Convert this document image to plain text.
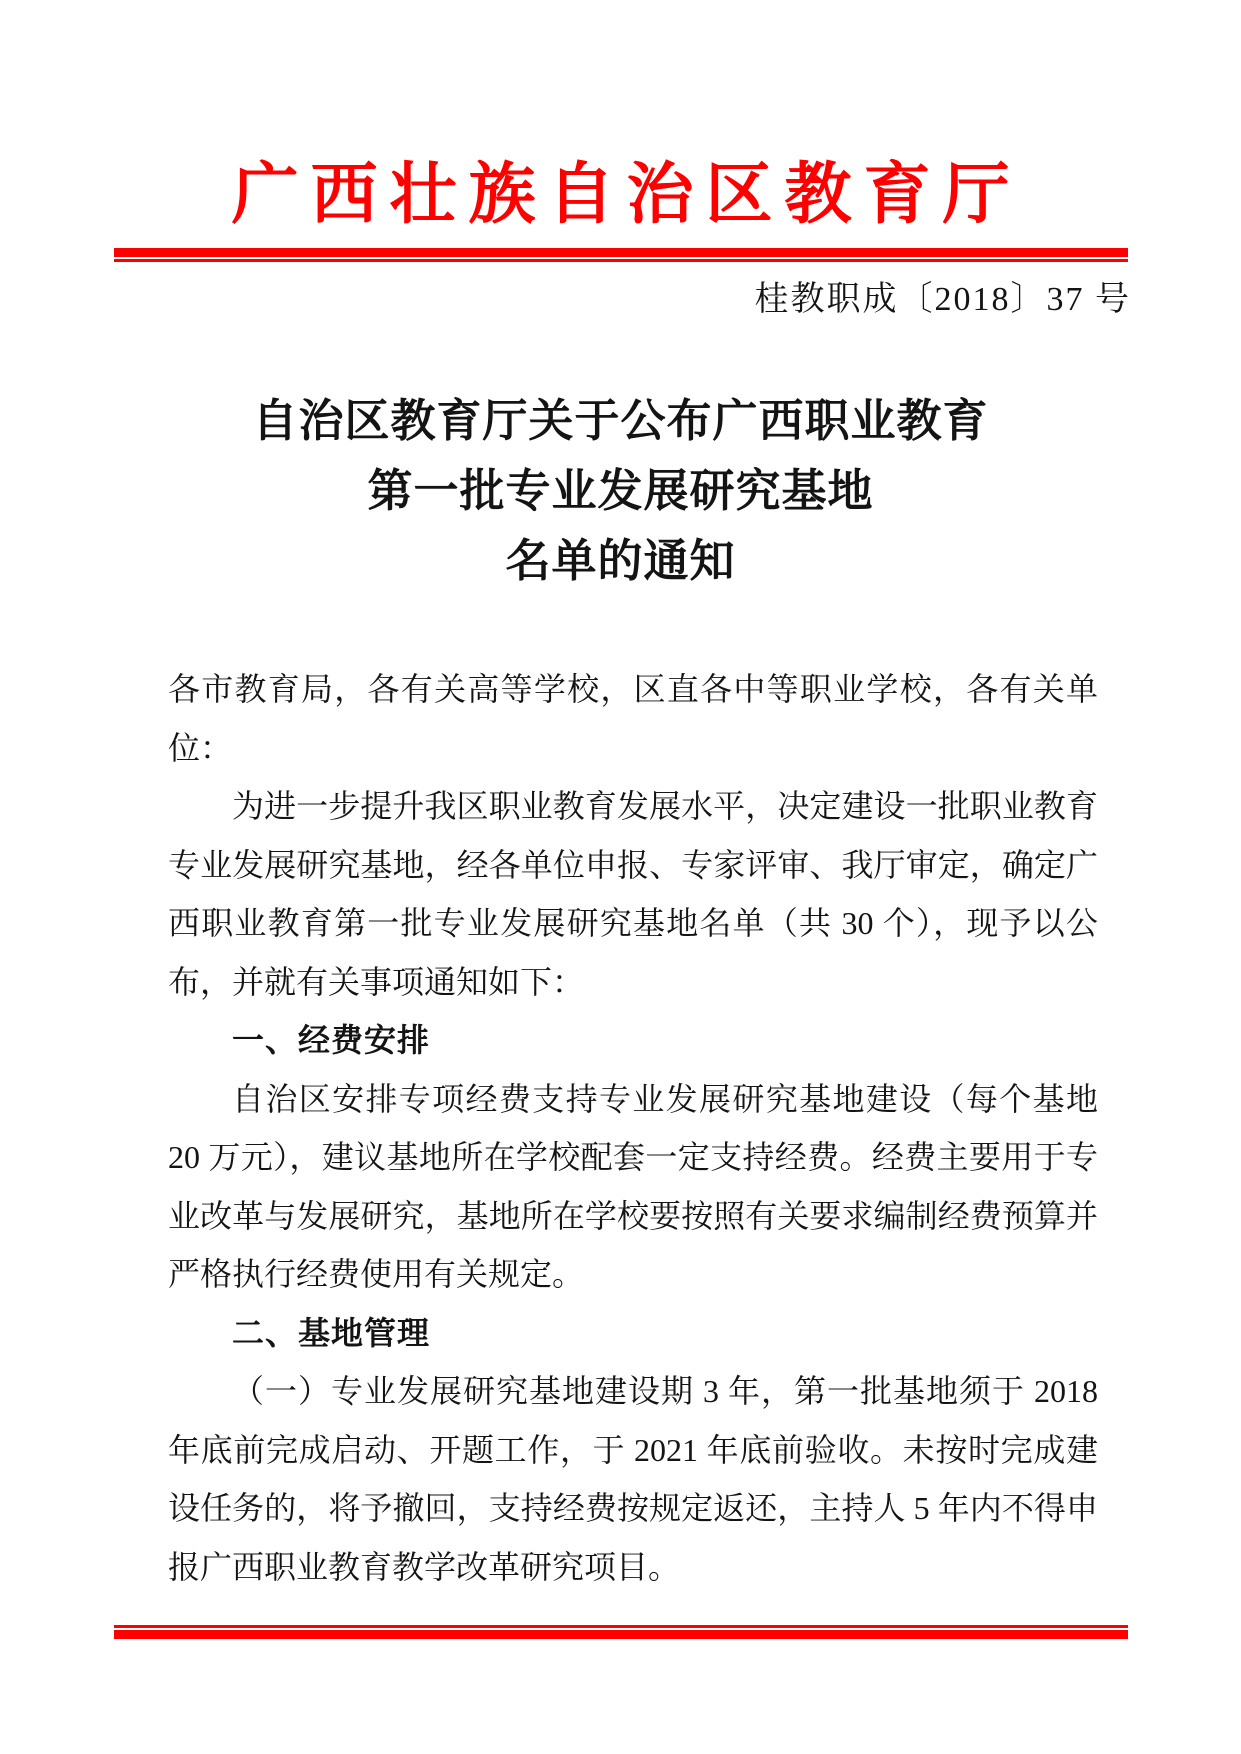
广西壮族自治区教育厅
桂教职成〔2018〕37 号
自治区教育厅关于公布广西职业教育
第一批专业发展研究基地
名单的通知

各市教育局，各有关高等学校，区直各中等职业学校，各有关单位：

为进一步提升我区职业教育发展水平，决定建设一批职业教育专业发展研究基地，经各单位申报、专家评审、我厅审定，确定广西职业教育第一批专业发展研究基地名单（共 30 个），现予以公布，并就有关事项通知如下：

一、经费安排

自治区安排专项经费支持专业发展研究基地建设（每个基地 20 万元），建议基地所在学校配套一定支持经费。经费主要用于专业改革与发展研究，基地所在学校要按照有关要求编制经费预算并严格执行经费使用有关规定。

二、基地管理

（一）专业发展研究基地建设期 3 年，第一批基地须于 2018 年底前完成启动、开题工作，于 2021 年底前验收。未按时完成建设任务的，将予撤回，支持经费按规定返还，主持人 5 年内不得申报广西职业教育教学改革研究项目。
